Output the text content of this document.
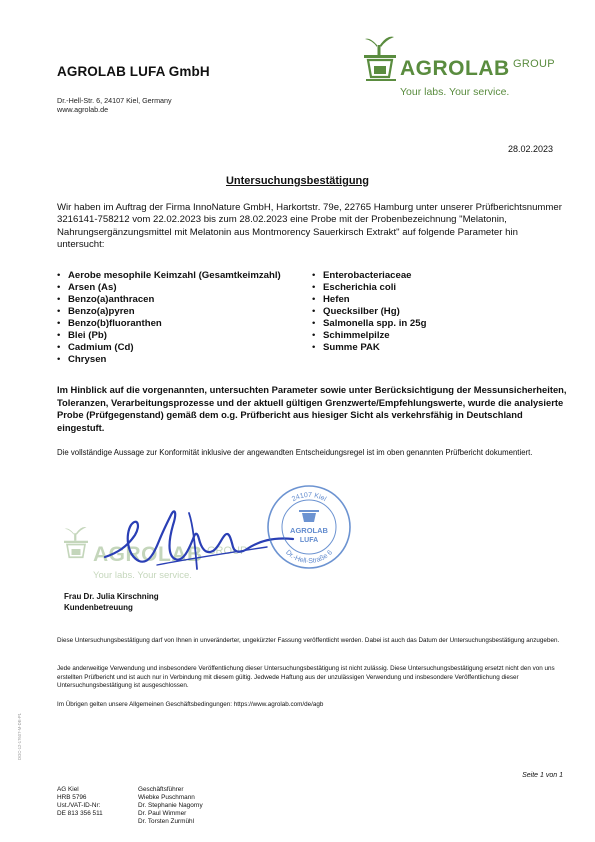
AGROLAB LUFA GmbH
Dr.-Hell-Str. 6, 24107 Kiel, Germany
www.agrolab.de
AGROLAB GROUP
Your labs. Your service.
28.02.2023
Untersuchungsbestätigung
Wir haben im Auftrag der Firma InnoNature GmbH, Harkortstr. 79e, 22765 Hamburg unter unserer Prüfberichtsnummer 3216141-758212 vom 22.02.2023 bis zum 28.02.2023 eine Probe mit der Probenbezeichnung "Melatonin, Nahrungsergänzungsmittel mit Melatonin aus Montmorency Sauerkirsch Extrakt" auf folgende Parameter hin untersucht:
• Aerobe mesophile Keimzahl (Gesamtkeimzahl)
• Arsen (As)
• Benzo(a)anthracen
• Benzo(a)pyren
• Benzo(b)fluoranthen
• Blei (Pb)
• Cadmium (Cd)
• Chrysen
• Enterobacteriaceae
• Escherichia coli
• Hefen
• Quecksilber (Hg)
• Salmonella spp. in 25g
• Schimmelpilze
• Summe PAK
Im Hinblick auf die vorgenannten, untersuchten Parameter sowie unter Berücksichtigung der Messunsicherheiten, Toleranzen, Verarbeitungsprozesse und der aktuell gültigen Grenzwerte/Empfehlungswerte, wurde die analysierte Probe (Prüfgegenstand) gemäß dem o.g. Prüfbericht aus hiesiger Sicht als verkehrsfähig in Deutschland eingestuft.
Die vollständige Aussage zur Konformität inklusive der angewandten Entscheidungsregel ist im oben genannten Prüfbericht dokumentiert.
AGROLAB GROUP
Your labs. Your service.
24107 Kiel
Dr.-Hell-Straße 6
AGROLAB
LUFA
Frau Dr. Julia Kirschning
Kundenbetreuung
Diese Untersuchungsbestätigung darf von Ihnen in unveränderter, ungekürzter Fassung veröffentlicht werden. Dabei ist auch das Datum der Untersuchungsbestätigung anzugeben.
Jede anderweitige Verwendung und insbesondere Veröffentlichung dieser Untersuchungsbestätigung ist nicht zulässig. Diese Untersuchungsbestätigung ersetzt nicht den von uns erstellten Prüfbericht und ist auch nur in Verbindung mit diesem gültig. Jedwede Haftung aus der unzulässigen Verwendung und insbesondere Veröffentlichung dieser Untersuchungsbestätigung ist ausgeschlossen.
Im Übrigen gelten unsere Allgemeinen Geschäftsbedingungen: https://www.agrolab.com/de/agb
DOC-12-17607-M-DE-P1
Seite 1 von 1
AG Kiel
HRB 5796
Ust./VAT-ID-Nr:
DE 813 356 511
Geschäftsführer
Wiebke Puschmann
Dr. Stephanie Nagorny
Dr. Paul Wimmer
Dr. Torsten Zurmühl
